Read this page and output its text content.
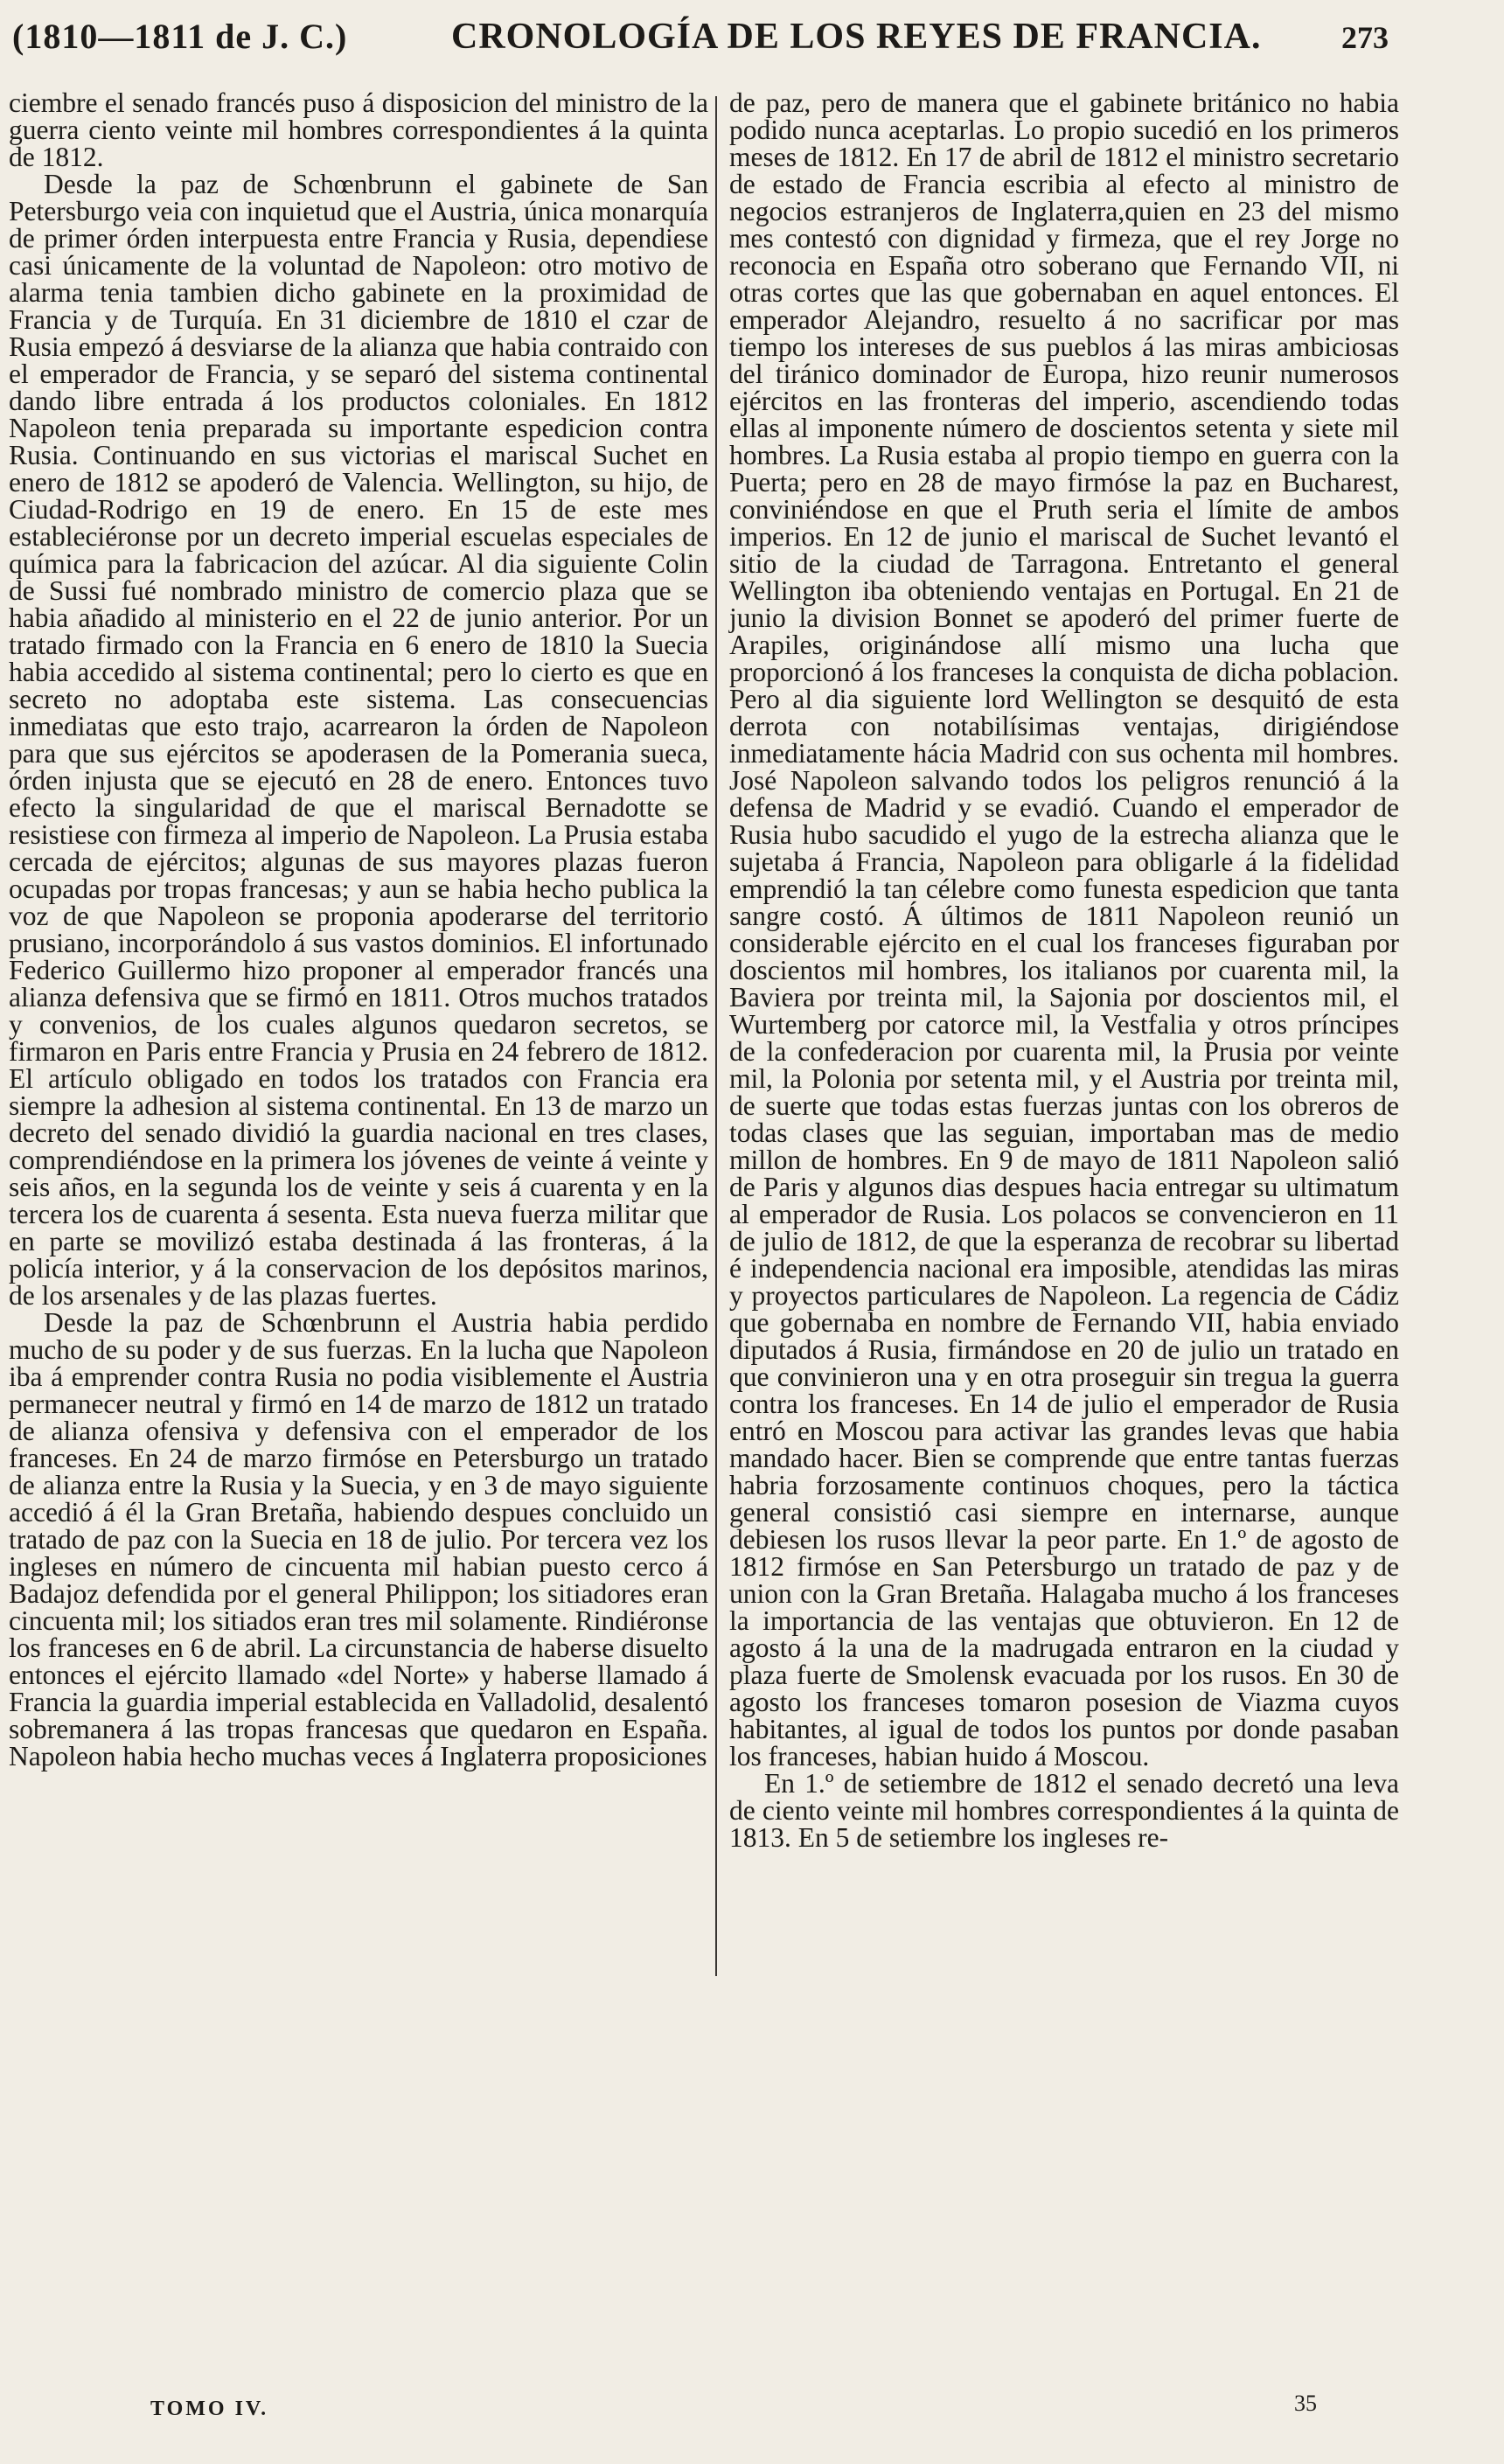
(1810—1811 de J. C.)	CRONOLOGÍA DE LOS REYES DE FRANCIA.	273

ciembre el senado francés puso á disposicion del ministro de la guerra ciento veinte mil hombres correspondientes á la quinta de 1812.

Desde la paz de Schœnbrunn el gabinete de San Petersburgo veia con inquietud que el Austria, única monarquía de primer órden interpuesta entre Francia y Rusia, dependiese casi únicamente de la voluntad de Napoleon: otro motivo de alarma tenia tambien dicho gabinete en la proximidad de Francia y de Turquía. En 31 diciembre de 1810 el czar de Rusia empezó á desviarse de la alianza que habia contraido con el emperador de Francia, y se separó del sistema continental dando libre entrada á los productos coloniales. En 1812 Napoleon tenia preparada su importante espedicion contra Rusia. Continuando en sus victorias el mariscal Suchet en enero de 1812 se apoderó de Valencia. Wellington, su hijo, de Ciudad-Rodrigo en 19 de enero. En 15 de este mes estableciéronse por un decreto imperial escuelas especiales de química para la fabricacion del azúcar. Al dia siguiente Colin de Sussi fué nombrado ministro de comercio plaza que se habia añadido al ministerio en el 22 de junio anterior. Por un tratado firmado con la Francia en 6 enero de 1810 la Suecia habia accedido al sistema continental; pero lo cierto es que en secreto no adoptaba este sistema. Las consecuencias inmediatas que esto trajo, acarrearon la órden de Napoleon para que sus ejércitos se apoderasen de la Pomerania sueca, órden injusta que se ejecutó en 28 de enero. Entonces tuvo efecto la singularidad de que el mariscal Bernadotte se resistiese con firmeza al imperio de Napoleon. La Prusia estaba cercada de ejércitos; algunas de sus mayores plazas fueron ocupadas por tropas francesas; y aun se habia hecho publica la voz de que Napoleon se proponia apoderarse del territorio prusiano, incorporándolo á sus vastos dominios. El infortunado Federico Guillermo hizo proponer al emperador francés una alianza defensiva que se firmó en 1811. Otros muchos tratados y convenios, de los cuales algunos quedaron secretos, se firmaron en Paris entre Francia y Prusia en 24 febrero de 1812. El artículo obligado en todos los tratados con Francia era siempre la adhesion al sistema continental. En 13 de marzo un decreto del senado dividió la guardia nacional en tres clases, comprendiéndose en la primera los jóvenes de veinte á veinte y seis años, en la segunda los de veinte y seis á cuarenta y en la tercera los de cuarenta á sesenta. Esta nueva fuerza militar que en parte se movilizó estaba destinada á las fronteras, á la policía interior, y á la conservacion de los depósitos marinos, de los arsenales y de las plazas fuertes.

Desde la paz de Schœnbrunn el Austria habia perdido mucho de su poder y de sus fuerzas. En la lucha que Napoleon iba á emprender contra Rusia no podia visiblemente el Austria permanecer neutral y firmó en 14 de marzo de 1812 un tratado de alianza ofensiva y defensiva con el emperador de los franceses. En 24 de marzo firmóse en Petersburgo un tratado de alianza entre la Rusia y la Suecia, y en 3 de mayo siguiente accedió á él la Gran Bretaña, habiendo despues concluido un tratado de paz con la Suecia en 18 de julio. Por tercera vez los ingleses en número de cincuenta mil habian puesto cerco á Badajoz defendida por el general Philippon; los sitiadores eran cincuenta mil; los sitiados eran tres mil solamente. Rindiéronse los franceses en 6 de abril. La circunstancia de haberse disuelto entonces el ejército llamado «del Norte» y haberse llamado á Francia la guardia imperial establecida en Valladolid, desalentó sobremanera á las tropas francesas que quedaron en España. Napoleon habia hecho muchas veces á Inglaterra proposiciones

de paz, pero de manera que el gabinete británico no habia podido nunca aceptarlas. Lo propio sucedió en los primeros meses de 1812. En 17 de abril de 1812 el ministro secretario de estado de Francia escribia al efecto al ministro de negocios estranjeros de Inglaterra,quien en 23 del mismo mes contestó con dignidad y firmeza, que el rey Jorge no reconocia en España otro soberano que Fernando VII, ni otras cortes que las que gobernaban en aquel entonces. El emperador Alejandro, resuelto á no sacrificar por mas tiempo los intereses de sus pueblos á las miras ambiciosas del tiránico dominador de Europa, hizo reunir numerosos ejércitos en las fronteras del imperio, ascendiendo todas ellas al imponente número de doscientos setenta y siete mil hombres. La Rusia estaba al propio tiempo en guerra con la Puerta; pero en 28 de mayo firmóse la paz en Bucharest, conviniéndose en que el Pruth seria el límite de ambos imperios. En 12 de junio el mariscal de Suchet levantó el sitio de la ciudad de Tarragona. Entretanto el general Wellington iba obteniendo ventajas en Portugal. En 21 de junio la division Bonnet se apoderó del primer fuerte de Arapiles, originándose allí mismo una lucha que proporcionó á los franceses la conquista de dicha poblacion. Pero al dia siguiente lord Wellington se desquitó de esta derrota con notabilísimas ventajas, dirigiéndose inmediatamente hácia Madrid con sus ochenta mil hombres. José Napoleon salvando todos los peligros renunció á la defensa de Madrid y se evadió. Cuando el emperador de Rusia hubo sacudido el yugo de la estrecha alianza que le sujetaba á Francia, Napoleon para obligarle á la fidelidad emprendió la tan célebre como funesta espedicion que tanta sangre costó. Á últimos de 1811 Napoleon reunió un considerable ejército en el cual los franceses figuraban por doscientos mil hombres, los italianos por cuarenta mil, la Baviera por treinta mil, la Sajonia por doscientos mil, el Wurtemberg por catorce mil, la Vestfalia y otros príncipes de la confederacion por cuarenta mil, la Prusia por veinte mil, la Polonia por setenta mil, y el Austria por treinta mil, de suerte que todas estas fuerzas juntas con los obreros de todas clases que las seguian, importaban mas de medio millon de hombres. En 9 de mayo de 1811 Napoleon salió de Paris y algunos dias despues hacia entregar su ultimatum al emperador de Rusia. Los polacos se convencieron en 11 de julio de 1812, de que la esperanza de recobrar su libertad é independencia nacional era imposible, atendidas las miras y proyectos particulares de Napoleon. La regencia de Cádiz que gobernaba en nombre de Fernando VII, habia enviado diputados á Rusia, firmándose en 20 de julio un tratado en que convinieron una y en otra proseguir sin tregua la guerra contra los franceses. En 14 de julio el emperador de Rusia entró en Moscou para activar las grandes levas que habia mandado hacer. Bien se comprende que entre tantas fuerzas habria forzosamente continuos choques, pero la táctica general consistió casi siempre en internarse, aunque debiesen los rusos llevar la peor parte. En 1.º de agosto de 1812 firmóse en San Petersburgo un tratado de paz y de union con la Gran Bretaña. Halagaba mucho á los franceses la importancia de las ventajas que obtuvieron. En 12 de agosto á la una de la madrugada entraron en la ciudad y plaza fuerte de Smolensk evacuada por los rusos. En 30 de agosto los franceses tomaron posesion de Viazma cuyos habitantes, al igual de todos los puntos por donde pasaban los franceses, habian huido á Moscou.

En 1.º de setiembre de 1812 el senado decretó una leva de ciento veinte mil hombres correspondientes á la quinta de 1813. En 5 de setiembre los ingleses re-

TOMO IV.	35
